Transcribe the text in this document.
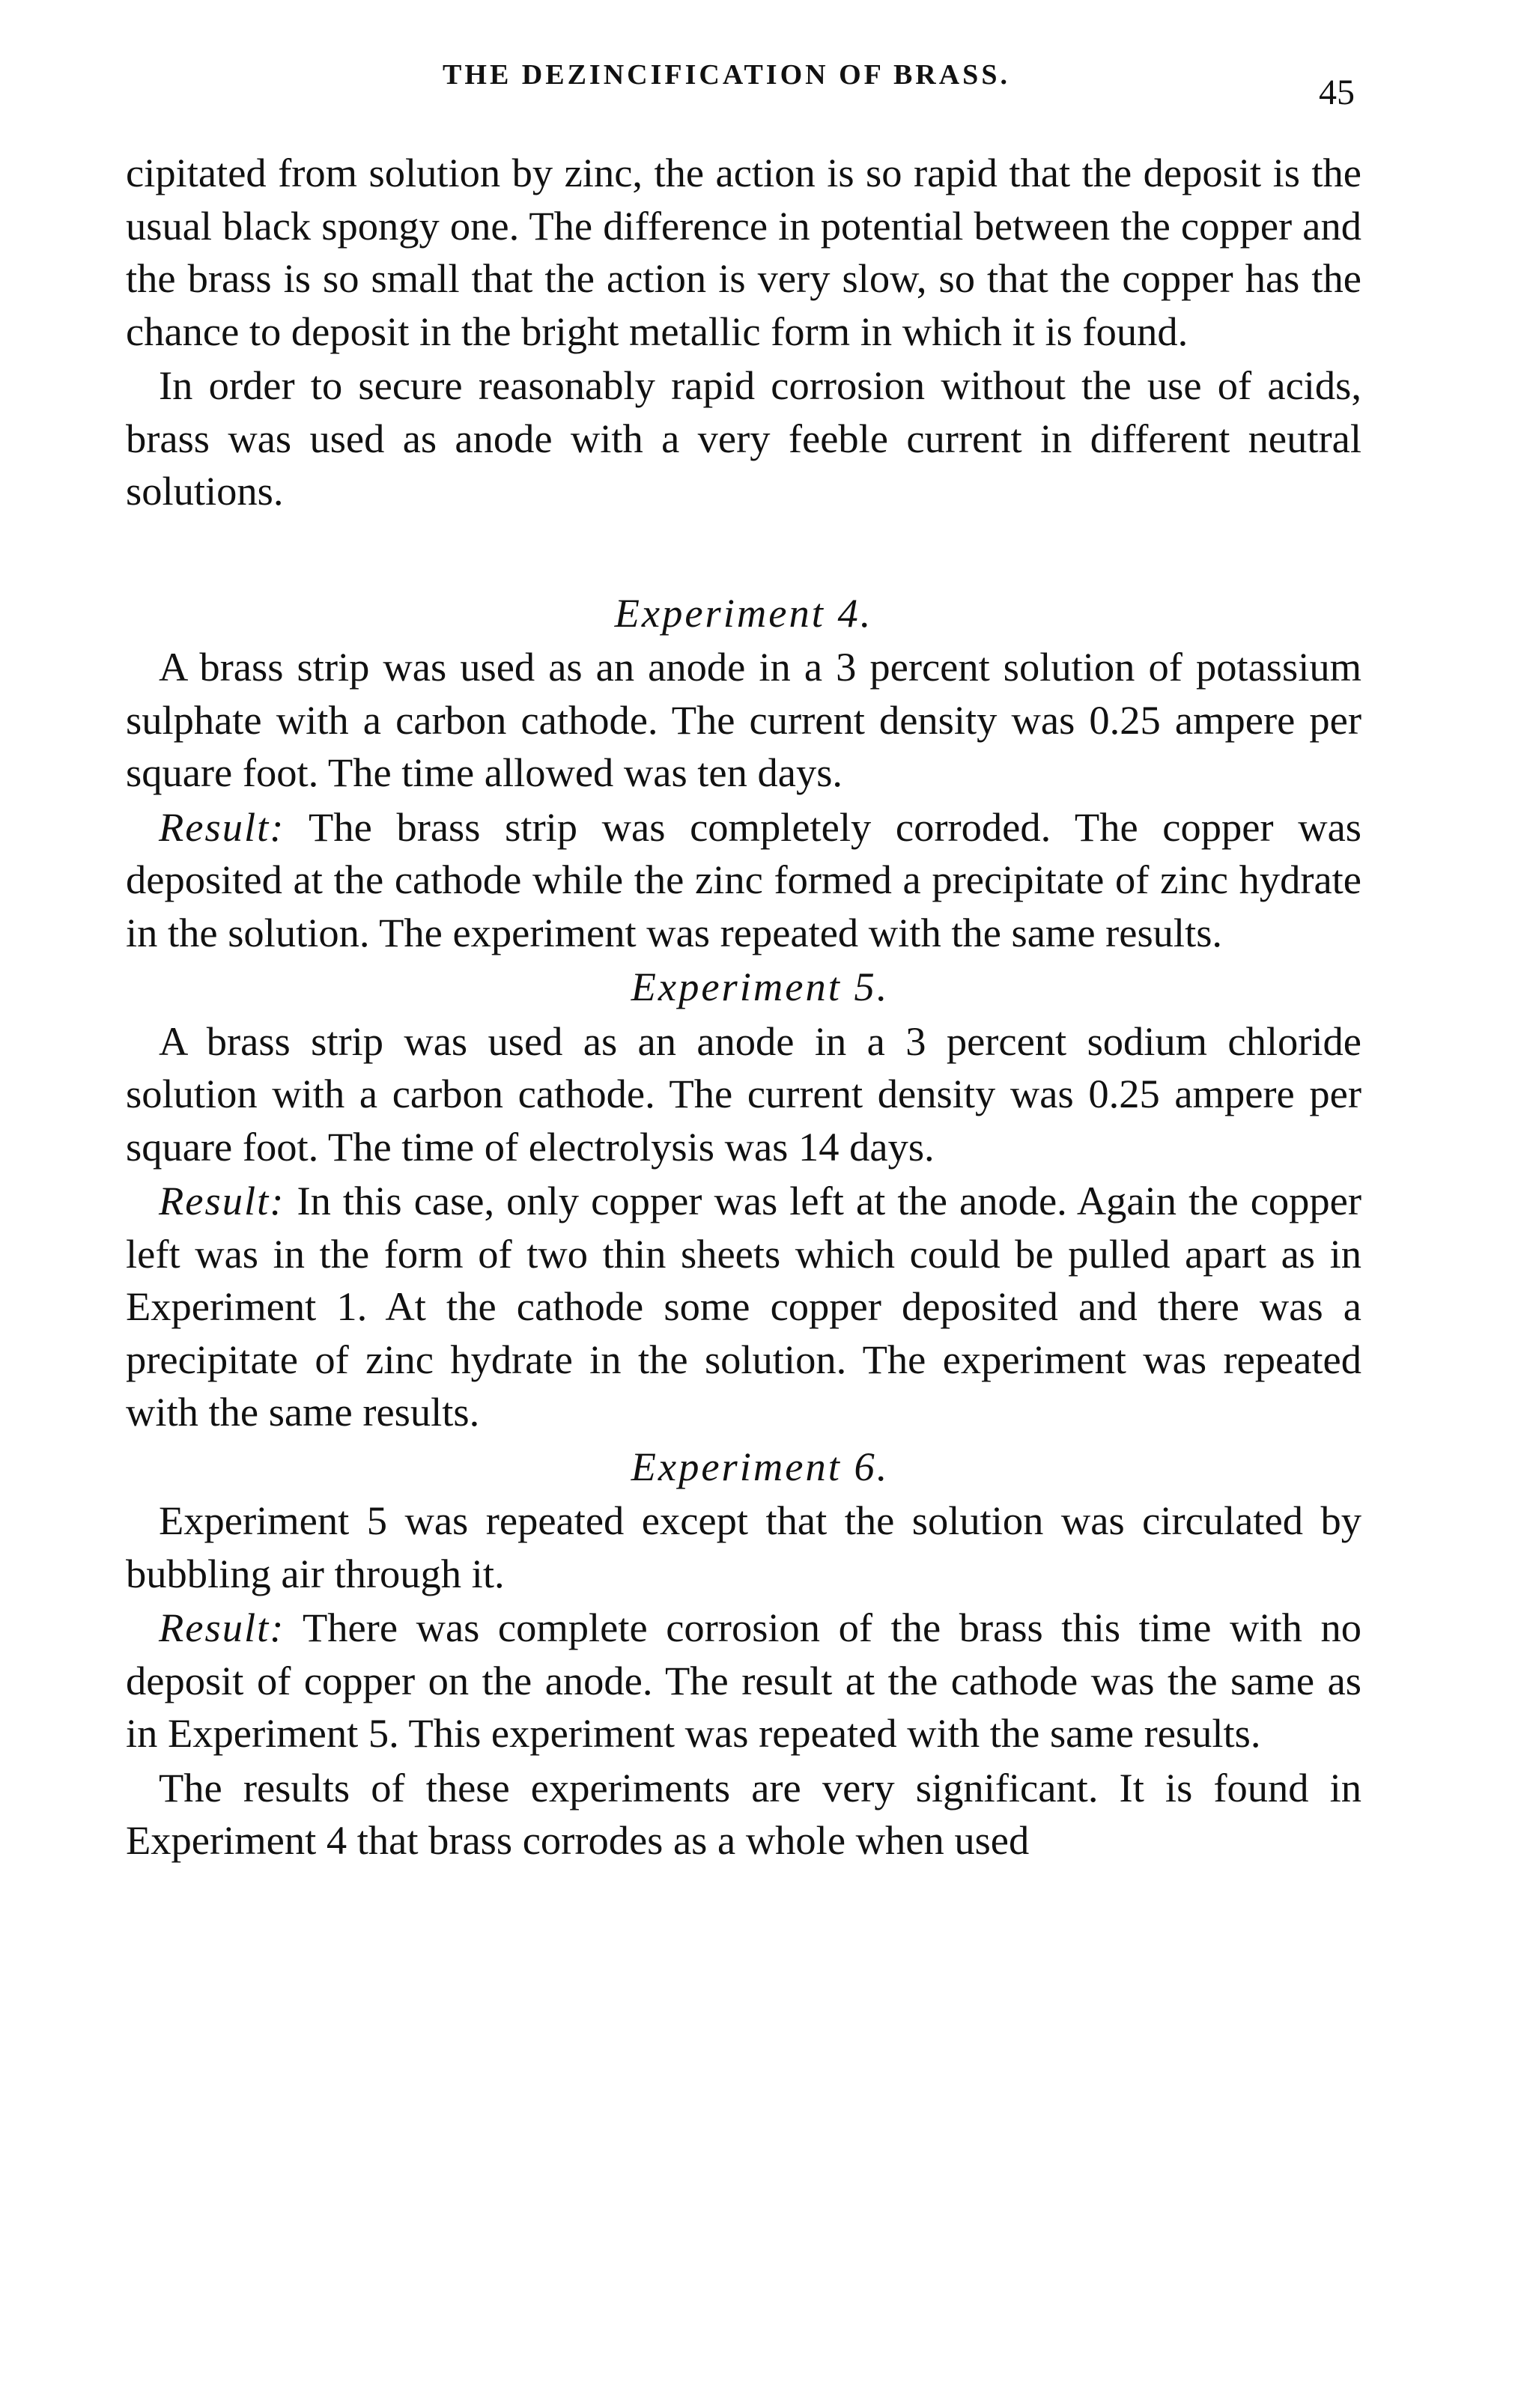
THE DEZINCIFICATION OF BRASS.	45

cipitated from solution by zinc, the action is so rapid that the deposit is the usual black spongy one. The difference in potential between the copper and the brass is so small that the action is very slow, so that the copper has the chance to deposit in the bright metallic form in which it is found.

In order to secure reasonably rapid corrosion without the use of acids, brass was used as anode with a very feeble current in different neutral solutions.

Experiment 4.

A brass strip was used as an anode in a 3 percent solution of potassium sulphate with a carbon cathode. The current density was 0.25 ampere per square foot. The time allowed was ten days.

Result: The brass strip was completely corroded. The copper was deposited at the cathode while the zinc formed a precipitate of zinc hydrate in the solution. The experiment was repeated with the same results.

Experiment 5.

A brass strip was used as an anode in a 3 percent sodium chloride solution with a carbon cathode. The current density was 0.25 ampere per square foot. The time of electrolysis was 14 days.

Result: In this case, only copper was left at the anode. Again the copper left was in the form of two thin sheets which could be pulled apart as in Experiment 1. At the cathode some copper deposited and there was a precipitate of zinc hydrate in the solution. The experiment was repeated with the same results.

Experiment 6.

Experiment 5 was repeated except that the solution was circulated by bubbling air through it.

Result: There was complete corrosion of the brass this time with no deposit of copper on the anode. The result at the cathode was the same as in Experiment 5. This experiment was repeated with the same results.

The results of these experiments are very significant. It is found in Experiment 4 that brass corrodes as a whole when used
